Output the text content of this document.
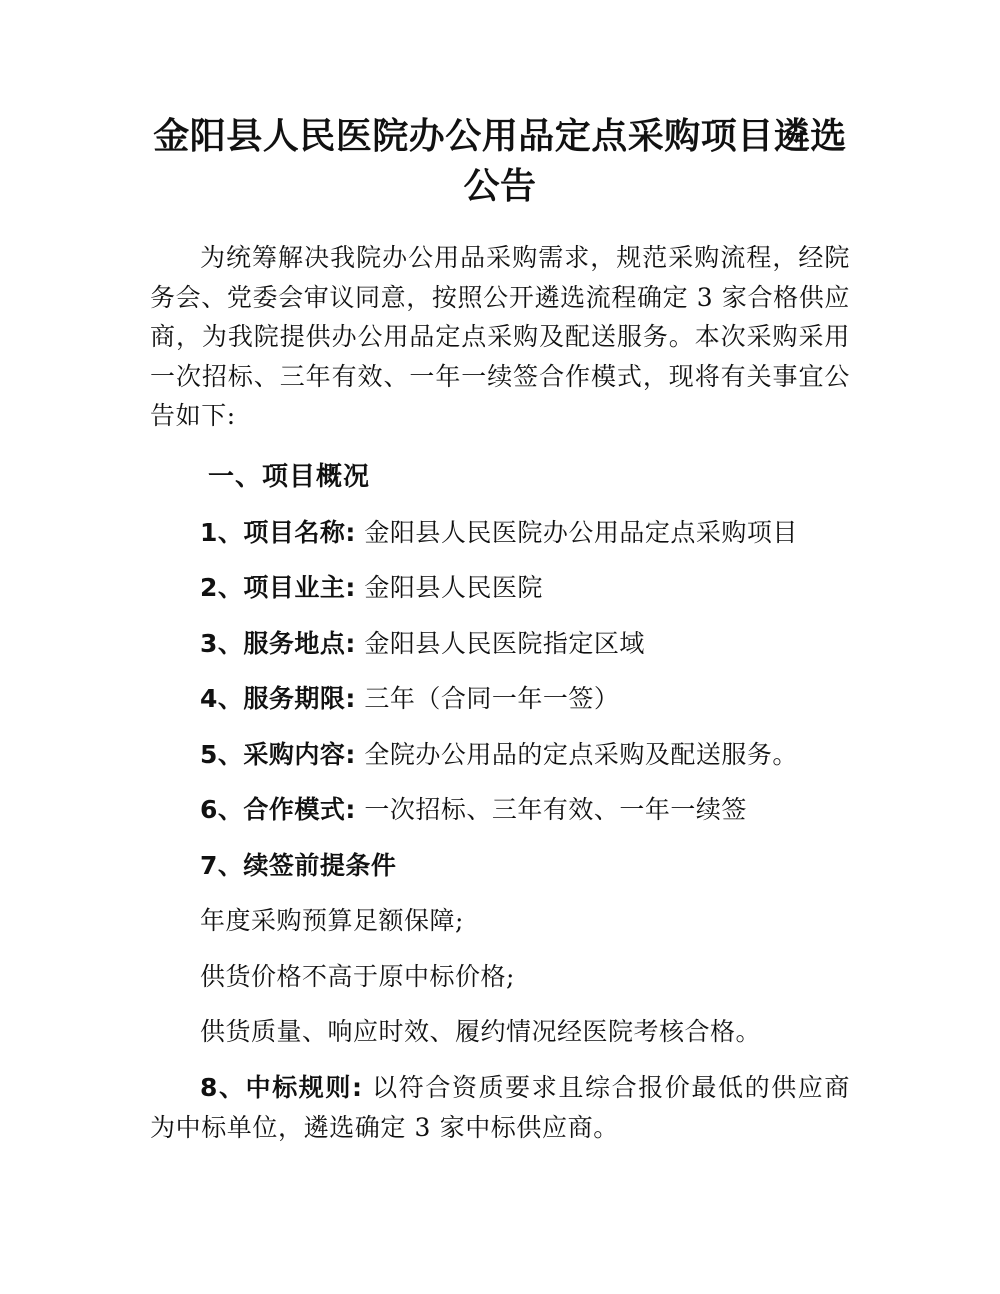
金阳县人民医院办公用品定点采购项目遴选
公告
为统筹解决我院办公用品采购需求，规范采购流程，经院务会、党委会审议同意，按照公开遴选流程确定 3 家合格供应商，为我院提供办公用品定点采购及配送服务。本次采购采用一次招标、三年有效、一年一续签合作模式，现将有关事宜公告如下:
一、项目概况
1、项目名称: 金阳县人民医院办公用品定点采购项目
2、项目业主: 金阳县人民医院
3、服务地点: 金阳县人民医院指定区域
4、服务期限: 三年（合同一年一签）
5、采购内容: 全院办公用品的定点采购及配送服务。
6、合作模式: 一次招标、三年有效、一年一续签
7、续签前提条件
年度采购预算足额保障;
供货价格不高于原中标价格;
供货质量、响应时效、履约情况经医院考核合格。
8、中标规则: 以符合资质要求且综合报价最低的供应商为中标单位，遴选确定 3 家中标供应商。
